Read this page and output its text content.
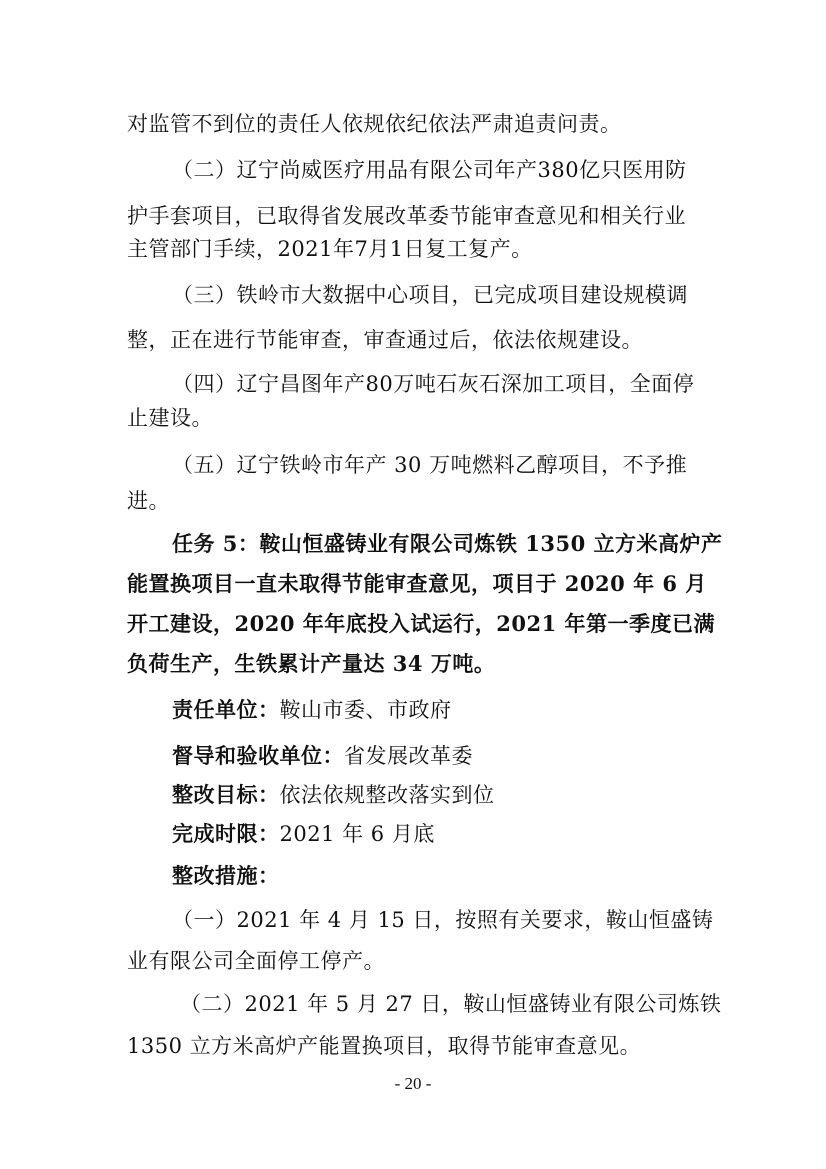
对监管不到位的责任人依规依纪依法严肃追责问责。
（二）辽宁尚威医疗用品有限公司年产380亿只医用防
护手套项目，已取得省发展改革委节能审查意见和相关行业
主管部门手续，2021年7月1日复工复产。
（三）铁岭市大数据中心项目，已完成项目建设规模调
整，正在进行节能审查，审查通过后，依法依规建设。
（四）辽宁昌图年产80万吨石灰石深加工项目，全面停
止建设。
（五）辽宁铁岭市年产 30 万吨燃料乙醇项目，不予推
进。
任务 5：鞍山恒盛铸业有限公司炼铁 1350 立方米高炉产
能置换项目一直未取得节能审查意见，项目于 2020 年 6 月
开工建设，2020 年年底投入试运行，2021 年第一季度已满
负荷生产，生铁累计产量达 34 万吨。
责任单位：鞍山市委、市政府
督导和验收单位：省发展改革委
整改目标：依法依规整改落实到位
完成时限：2021 年 6 月底
整改措施：
（一）2021 年 4 月 15 日，按照有关要求，鞍山恒盛铸
业有限公司全面停工停产。
（二）2021 年 5 月 27 日，鞍山恒盛铸业有限公司炼铁
1350 立方米高炉产能置换项目，取得节能审查意见。
- 20 -
